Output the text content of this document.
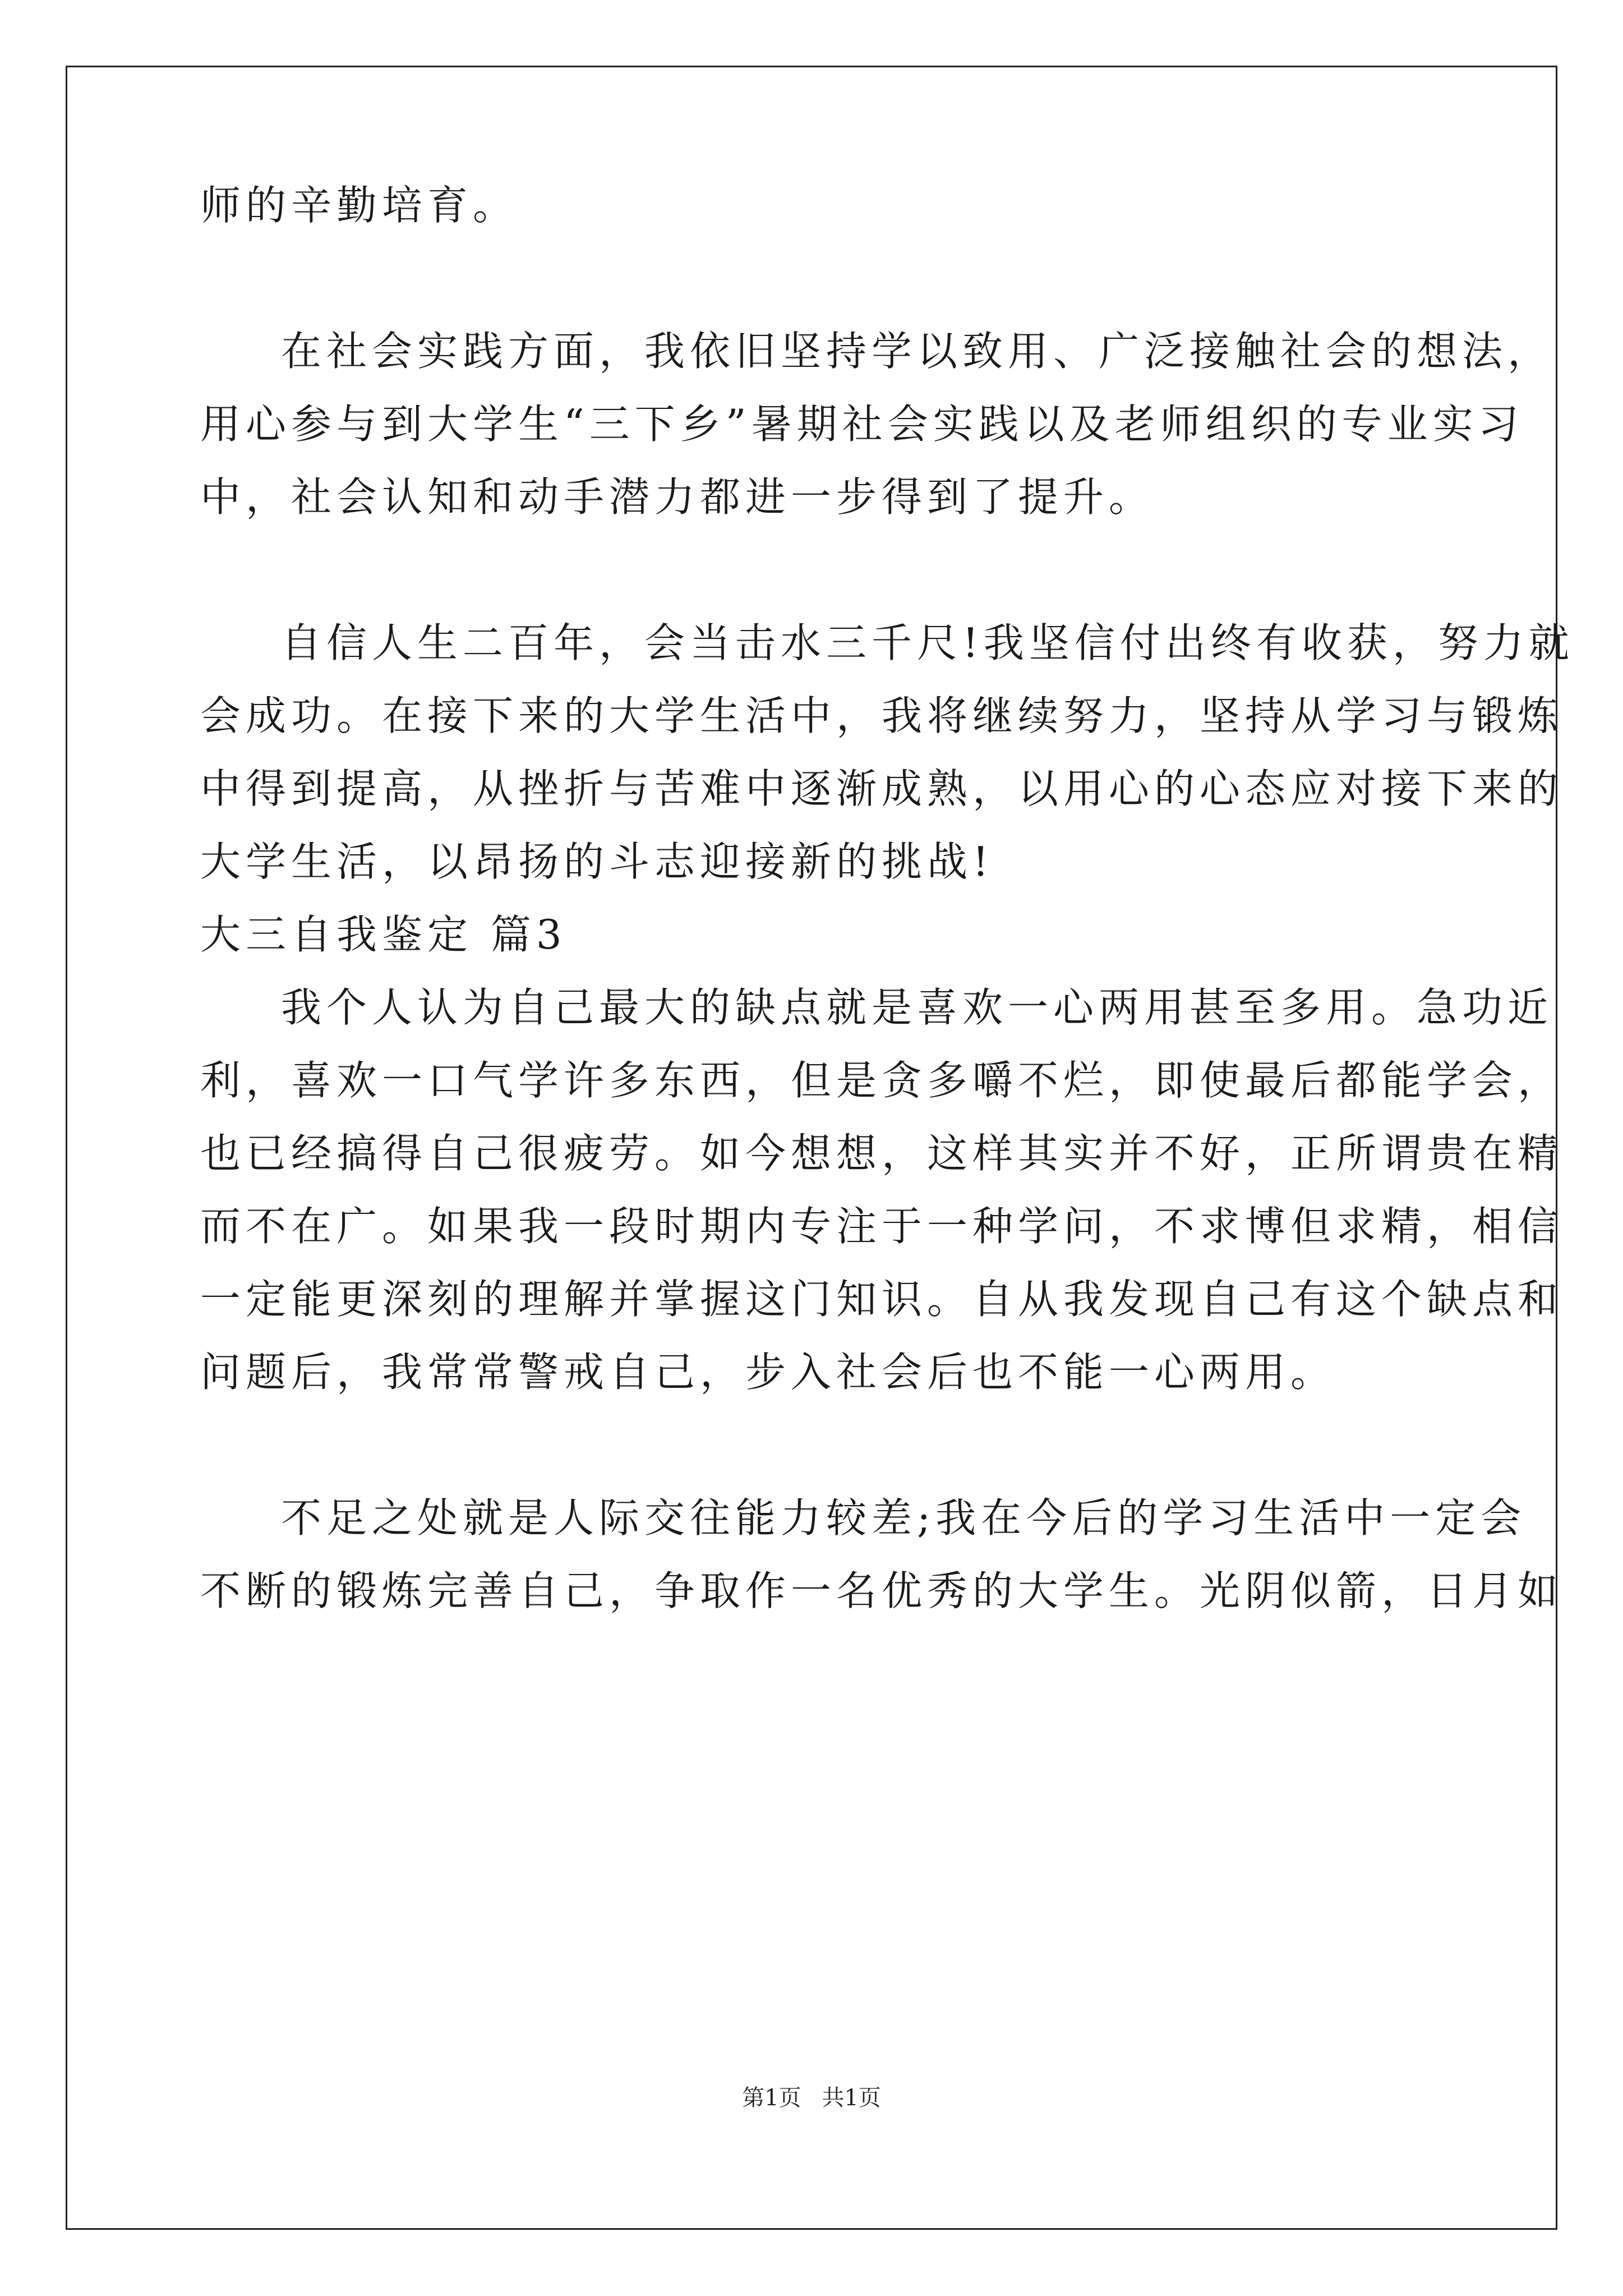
师的辛勤培育。
在社会实践方面，我依旧坚持学以致用、广泛接触社会的想法，
用心参与到大学生“三下乡”暑期社会实践以及老师组织的专业实习
中，社会认知和动手潜力都进一步得到了提升。
自信人生二百年，会当击水三千尺!我坚信付出终有收获，努力就
会成功。在接下来的大学生活中，我将继续努力，坚持从学习与锻炼
中得到提高，从挫折与苦难中逐渐成熟，以用心的心态应对接下来的
大学生活，以昂扬的斗志迎接新的挑战!
大三自我鉴定 篇3
我个人认为自己最大的缺点就是喜欢一心两用甚至多用。急功近
利，喜欢一口气学许多东西，但是贪多嚼不烂，即使最后都能学会，
也已经搞得自己很疲劳。如今想想，这样其实并不好，正所谓贵在精
而不在广。如果我一段时期内专注于一种学问，不求博但求精，相信
一定能更深刻的理解并掌握这门知识。自从我发现自己有这个缺点和
问题后，我常常警戒自己，步入社会后也不能一心两用。
不足之处就是人际交往能力较差;我在今后的学习生活中一定会
不断的锻炼完善自己，争取作一名优秀的大学生。光阴似箭，日月如
第1页 共1页
